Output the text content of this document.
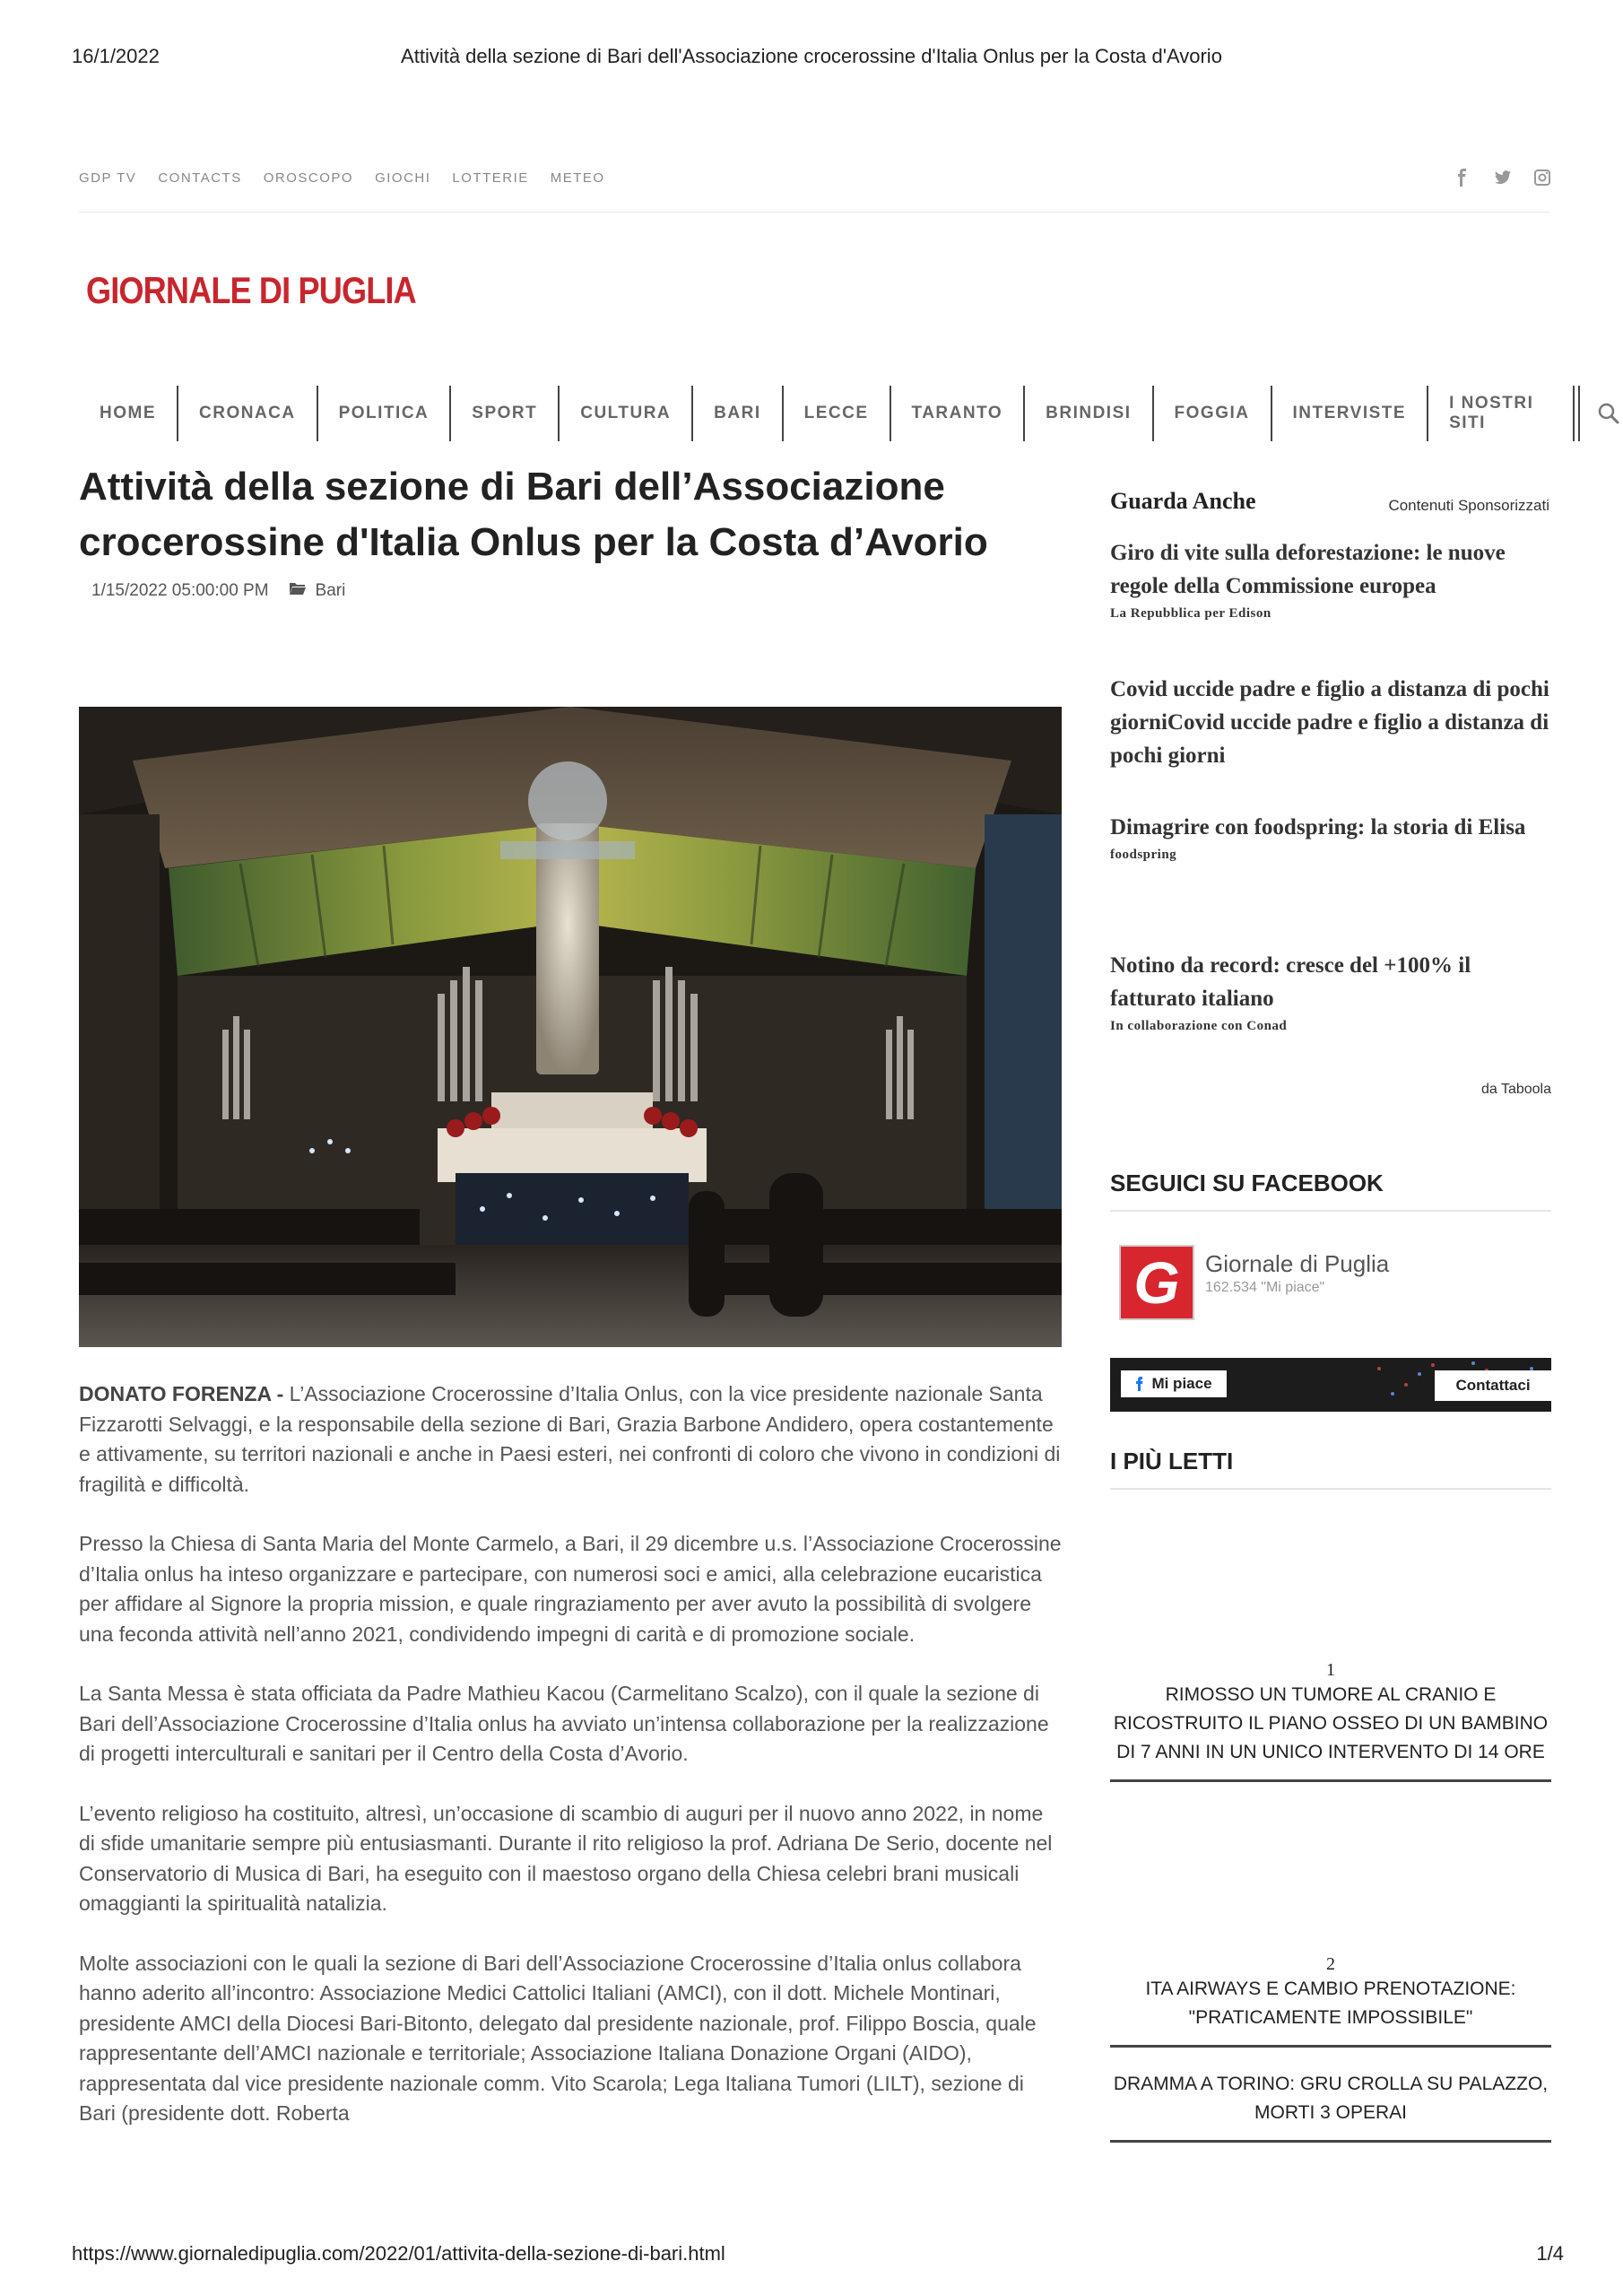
Attività della sezione di Bari dell'Associazione crocerossine d'Italia Onlus per la Costa d'Avorio
16/1/2022
GDP TV CONTACTS OROSCOPO GIOCHI LOTTERIE METEO
GIORNALE DI PUGLIA
HOME	CRONACA	POLITICA	SPORT	CULTURA	BARI	LECCE	TARANTO	BRINDISI	FOGGIA	INTERVISTE
I NOSTRI SITI
Attività della sezione di Bari dell’Associazione crocerossine d'Italia Onlus per la Costa d’Avorio
1/15/2022 05:00:00 PM	Bari

DONATO FORENZA - L’Associazione Crocerossine d’Italia Onlus, con la vice presidente nazionale Santa Fizzarotti Selvaggi, e la responsabile della sezione di Bari, Grazia Barbone Andidero, opera costantemente e attivamente, su territori nazionali e anche in Paesi esteri, nei confronti di coloro che vivono in condizioni di fragilità e difficoltà.

Presso la Chiesa di Santa Maria del Monte Carmelo, a Bari, il 29 dicembre u.s. l’Associazione Crocerossine d’Italia onlus ha inteso organizzare e partecipare, con numerosi soci e amici, alla celebrazione eucaristica per affidare al Signore la propria mission, e quale ringraziamento per aver avuto la possibilità di svolgere una feconda attività nell’anno 2021, condividendo impegni di carità e di promozione sociale.

La Santa Messa è stata officiata da Padre Mathieu Kacou (Carmelitano Scalzo), con il quale la sezione di Bari dell’Associazione Crocerossine d’Italia onlus ha avviato un’intensa collaborazione per la realizzazione di progetti interculturali e sanitari per il Centro della Costa d’Avorio.

L’evento religioso ha costituito, altresì, un’occasione di scambio di auguri per il nuovo anno 2022, in nome di sfide umanitarie sempre più entusiasmanti. Durante il rito religioso la prof. Adriana De Serio, docente nel Conservatorio di Musica di Bari, ha eseguito con il maestoso organo della Chiesa celebri brani musicali omaggianti la spiritualità natalizia.

Molte associazioni con le quali la sezione di Bari dell’Associazione Crocerossine d’Italia onlus collabora hanno aderito all’incontro: Associazione Medici Cattolici Italiani (AMCI), con il dott. Michele Montinari, presidente AMCI della Diocesi Bari-Bitonto, delegato dal presidente nazionale, prof. Filippo Boscia, quale rappresentante dell’AMCI nazionale e territoriale; Associazione Italiana Donazione Organi (AIDO), rappresentata dal vice presidente nazionale comm. Vito Scarola; Lega Italiana Tumori (LILT), sezione di Bari (presidente dott. Roberta

Guarda Anche	Contenuti Sponsorizzati
Giro di vite sulla deforestazione: le nuove regole della Commissione europea
La Repubblica per Edison
Covid uccide padre e figlio a distanza di pochi giorniCovid uccide padre e figlio a distanza di pochi giorni
Dimagrire con foodspring: la storia di Elisa
foodspring
Notino da record: cresce del +100% il fatturato italiano
In collaborazione con Conad
da Taboola
SEGUICI SU FACEBOOK
G	Giornale di Puglia
162.534 "Mi piace"
Mi piace	Contattaci
I PIÙ LETTI
1
RIMOSSO UN TUMORE AL CRANIO E RICOSTRUITO IL PIANO OSSEO DI UN BAMBINO DI 7 ANNI IN UN UNICO INTERVENTO DI 14 ORE
2
ITA AIRWAYS E CAMBIO PRENOTAZIONE: "PRATICAMENTE IMPOSSIBILE"
DRAMMA A TORINO: GRU CROLLA SU PALAZZO, MORTI 3 OPERAI
https://www.giornaledipuglia.com/2022/01/attivita-della-sezione-di-bari.html	1/4
